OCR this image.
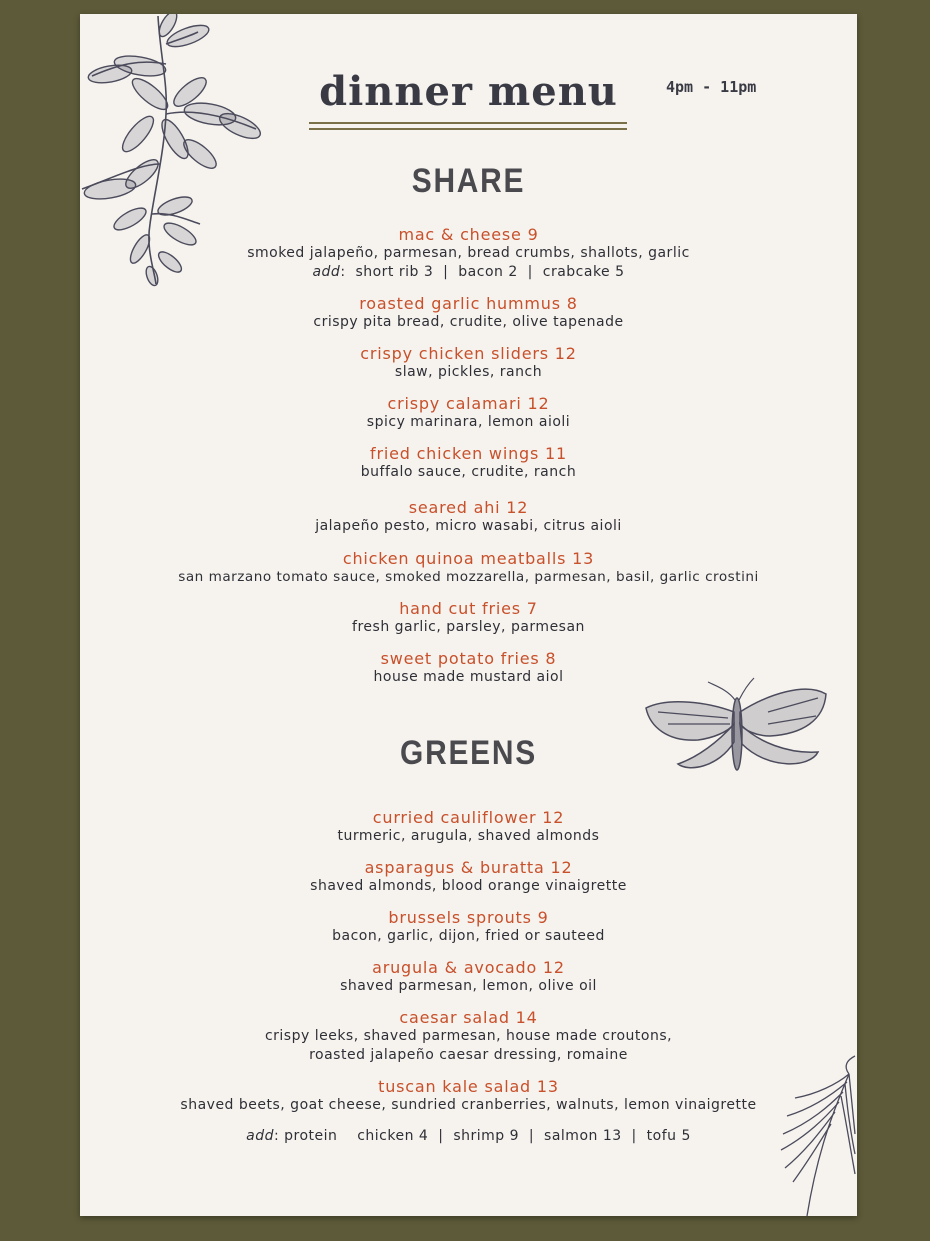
dinner menu	4pm - 11pm
SHARE
mac & cheese 9
smoked jalapeño, parmesan, bread crumbs, shallots, garlic
add:  short rib 3  |  bacon 2  |  crabcake 5
roasted garlic hummus 8
crispy pita bread, crudite, olive tapenade
crispy chicken sliders 12
slaw, pickles, ranch
crispy calamari 12
spicy marinara, lemon aioli
fried chicken wings 11
buffalo sauce, crudite, ranch
seared ahi 12
jalapeño pesto, micro wasabi, citrus aioli
chicken quinoa meatballs 13
san marzano tomato sauce, smoked mozzarella, parmesan, basil, garlic crostini
hand cut fries 7
fresh garlic, parsley, parmesan
sweet potato fries 8
house made mustard aiol
GREENS
curried cauliflower 12
turmeric, arugula, shaved almonds
asparagus & buratta 12
shaved almonds, blood orange vinaigrette
brussels sprouts 9
bacon, garlic, dijon, fried or sauteed
arugula & avocado 12
shaved parmesan, lemon, olive oil
caesar salad 14
crispy leeks, shaved parmesan, house made croutons,
roasted jalapeño caesar dressing, romaine
tuscan kale salad 13
shaved beets, goat cheese, sundried cranberries, walnuts, lemon vinaigrette
add: protein    chicken 4  |  shrimp 9  |  salmon 13  |  tofu 5
